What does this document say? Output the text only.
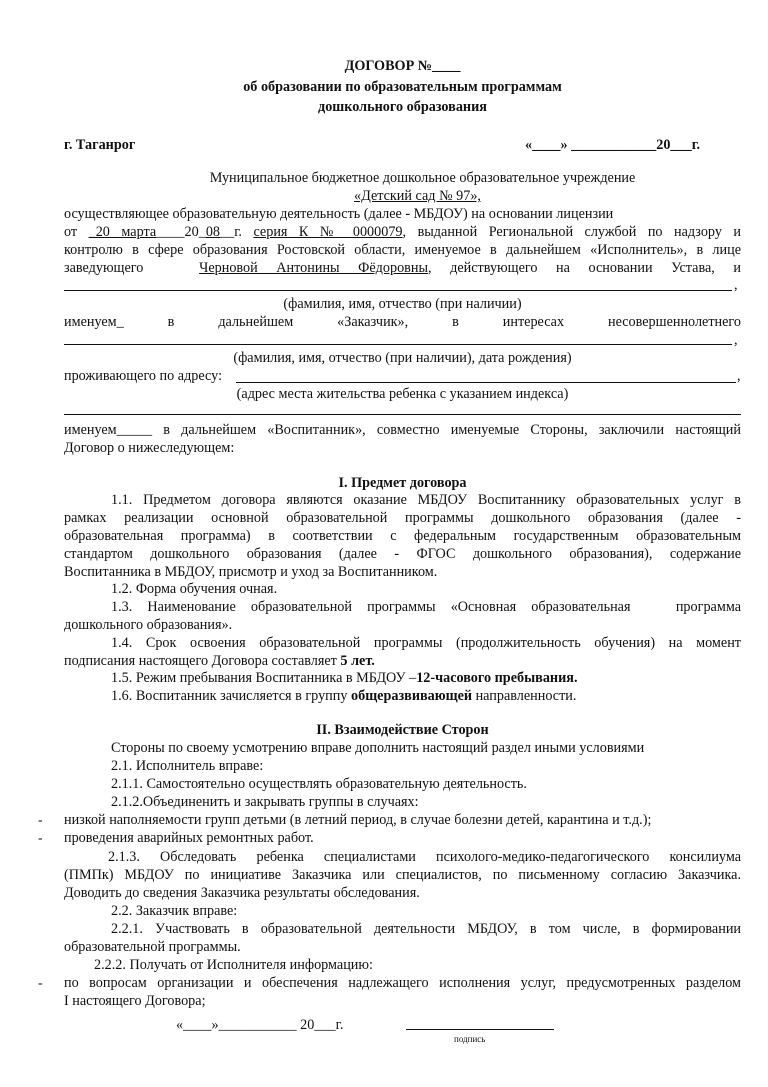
ДОГОВОР №____
об образовании по образовательным программам
дошкольного образования
г. Таганрог	«____» ____________20___г.
Муниципальное бюджетное дошкольное образовательное учреждение
«Детский сад № 97»,
осуществляющее образовательную деятельность (далее - МБДОУ) на основании лицензии
от _20 марта____20_08__г. серия К № 0000079, выданной Региональной службой по надзору и
контролю в сфере образования Ростовской области, именуемое в дальнейшем «Исполнитель», в лице
заведующего	Черновой Антонины Фёдоровны, действующего на основании Устава, и
,
(фамилия, имя, отчество (при наличии)
именуем_     в     дальнейшем     «Заказчик»,     в     интересах     несовершеннолетнего
,
(фамилия, имя, отчество (при наличии), дата рождения)
проживающего по адресу:	,
(адрес места жительства ребенка с указанием индекса)
именуем_____ в дальнейшем «Воспитанник», совместно именуемые Стороны, заключили настоящий
Договор о нижеследующем:
I. Предмет договора
1.1. Предметом договора являются оказание МБДОУ Воспитаннику образовательных услуг в
рамках реализации основной образовательной программы дошкольного образования (далее -
образовательная программа) в соответствии с федеральным государственным образовательным
стандартом дошкольного образования (далее - ФГОС дошкольного образования), содержание
Воспитанника в МБДОУ, присмотр и уход за Воспитанником.
1.2. Форма обучения очная.
1.3. Наименование образовательной программы «Основная образовательная   программа
дошкольного образования».
1.4. Срок освоения образовательной программы (продолжительность обучения) на момент
подписания настоящего Договора составляет 5 лет.
1.5. Режим пребывания Воспитанника в МБДОУ –12-часового пребывания.
1.6. Воспитанник зачисляется в группу общеразвивающей направленности.
II. Взаимодействие Сторон
Стороны по своему усмотрению вправе дополнить настоящий раздел иными условиями
2.1. Исполнитель вправе:
2.1.1. Самостоятельно осуществлять образовательную деятельность.
2.1.2.Объединенить и закрывать группы в случаях:
- низкой наполняемости групп детьми (в летний период, в случае болезни детей, карантина и т.д.);
- проведения аварийных ремонтных работ.
2.1.3. Обследовать ребенка специалистами психолого-медико-педагогического консилиума
(ПМПк) МБДОУ по инициативе Заказчика или специалистов, по письменному согласию Заказчика.
Доводить до сведения Заказчика результаты обследования.
2.2. Заказчик вправе:
2.2.1. Участвовать в образовательной деятельности МБДОУ, в том числе, в формировании
образовательной программы.
2.2.2. Получать от Исполнителя информацию:
- по вопросам организации и обеспечения надлежащего исполнения услуг, предусмотренных разделом
I настоящего Договора;
«____»___________ 20___г.
подпись
